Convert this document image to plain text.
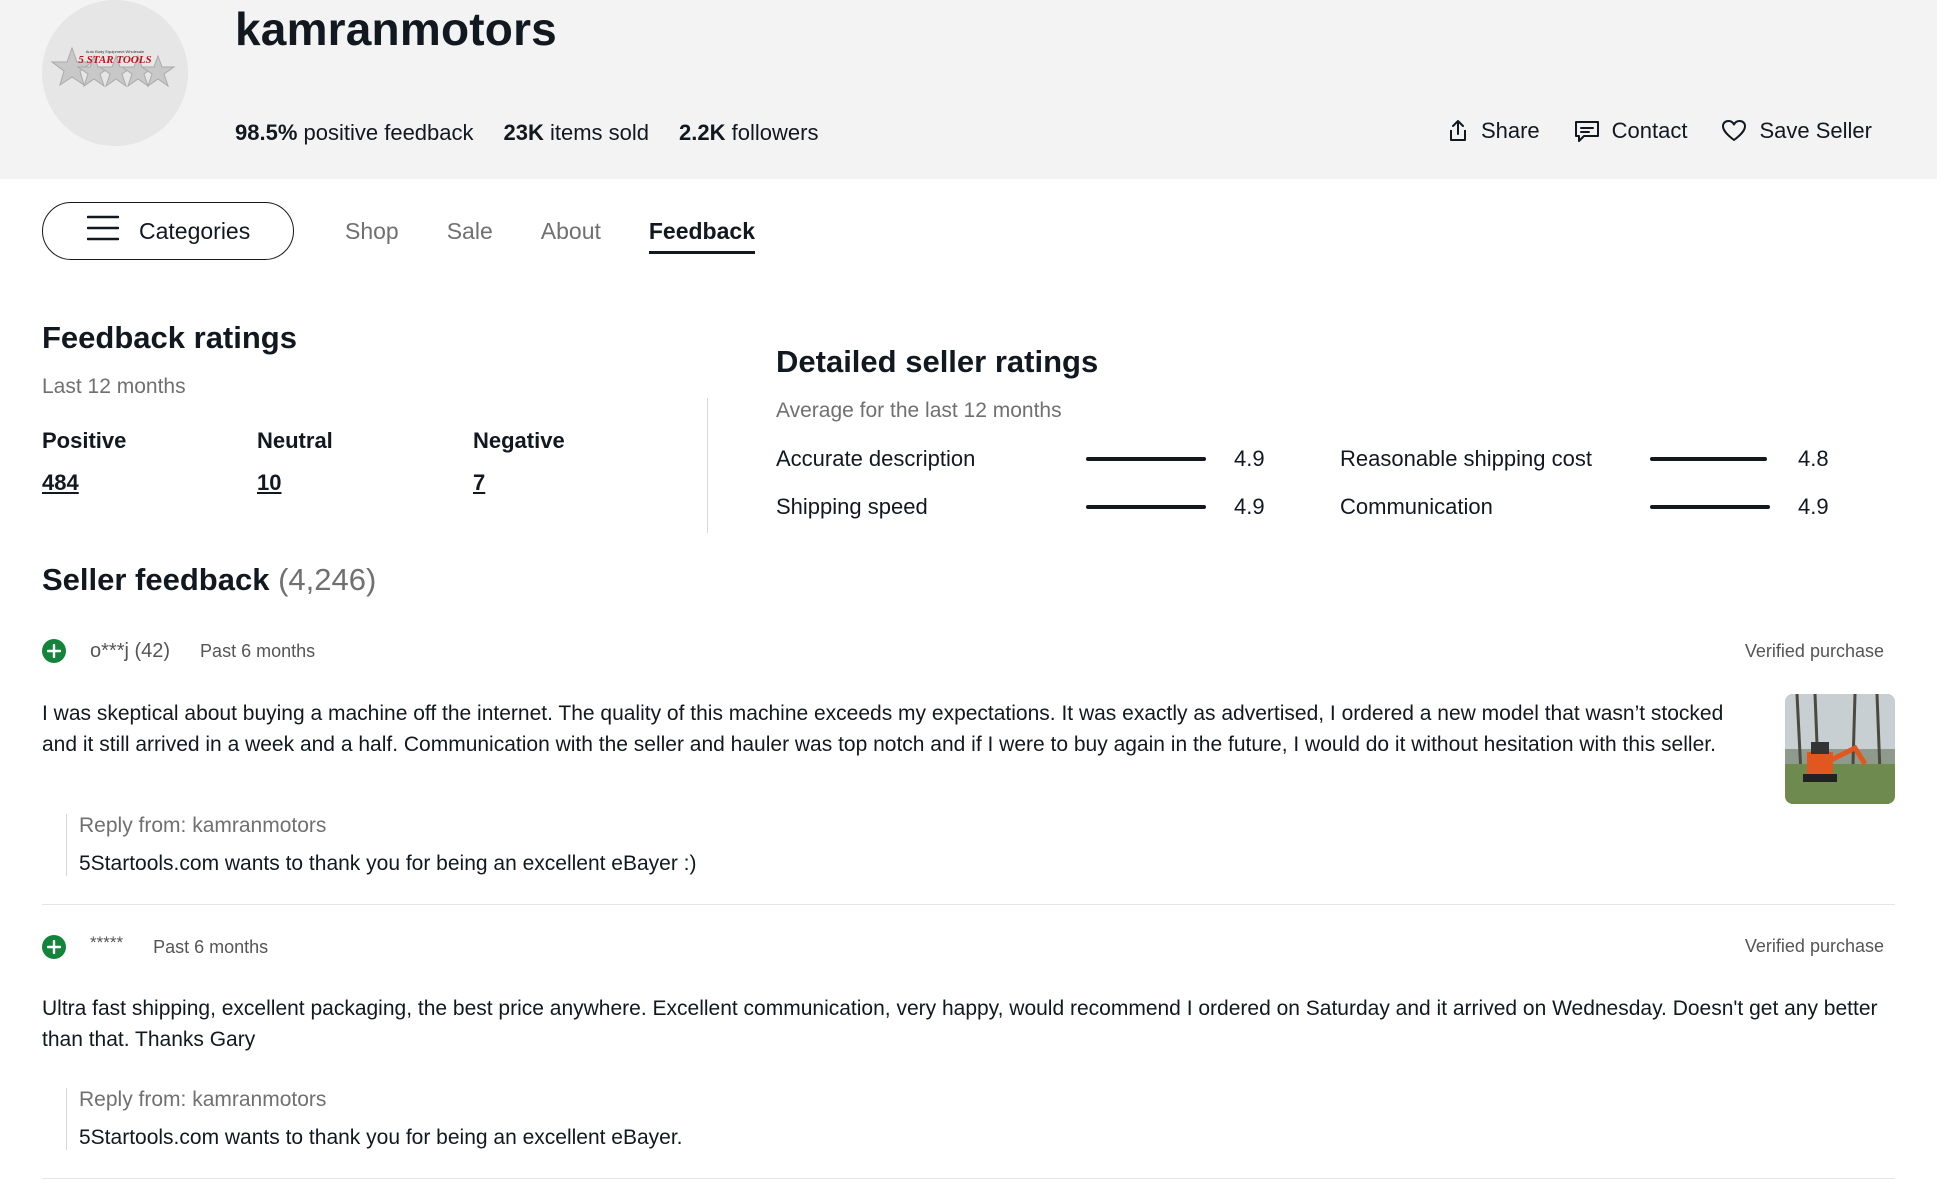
5 STAR TOOLS
Auto Body Equipment Wholesale kamranmotors
98.5% positive feedback 23K items sold 2.2K followers	Share	Contact	Save Seller
Categories	Shop Sale About Feedback
Feedback ratings
Last 12 months
Positive
484
Neutral
10
Negative
7
Detailed seller ratings
Average for the last 12 months
Accurate description	4.9	Reasonable shipping cost	4.8
Shipping speed	4.9	Communication	4.9
Seller feedback (4,246)
o***j (42) Past 6 months	Verified purchase
I was skeptical about buying a machine off the internet. The quality of this machine exceeds my expectations. It was exactly as advertised, I ordered a new model that wasn’t stocked and it still arrived in a week and a half. Communication with the seller and hauler was top notch and if I were to buy again in the future, I would do it without hesitation with this seller.
Reply from: kamranmotors
5Startools.com wants to thank you for being an excellent eBayer :)
***** Past 6 months	Verified purchase
Ultra fast shipping, excellent packaging, the best price anywhere. Excellent communication, very happy, would recommend I ordered on Saturday and it arrived on Wednesday. Doesn't get any better than that. Thanks Gary
Reply from: kamranmotors
5Startools.com wants to thank you for being an excellent eBayer.
